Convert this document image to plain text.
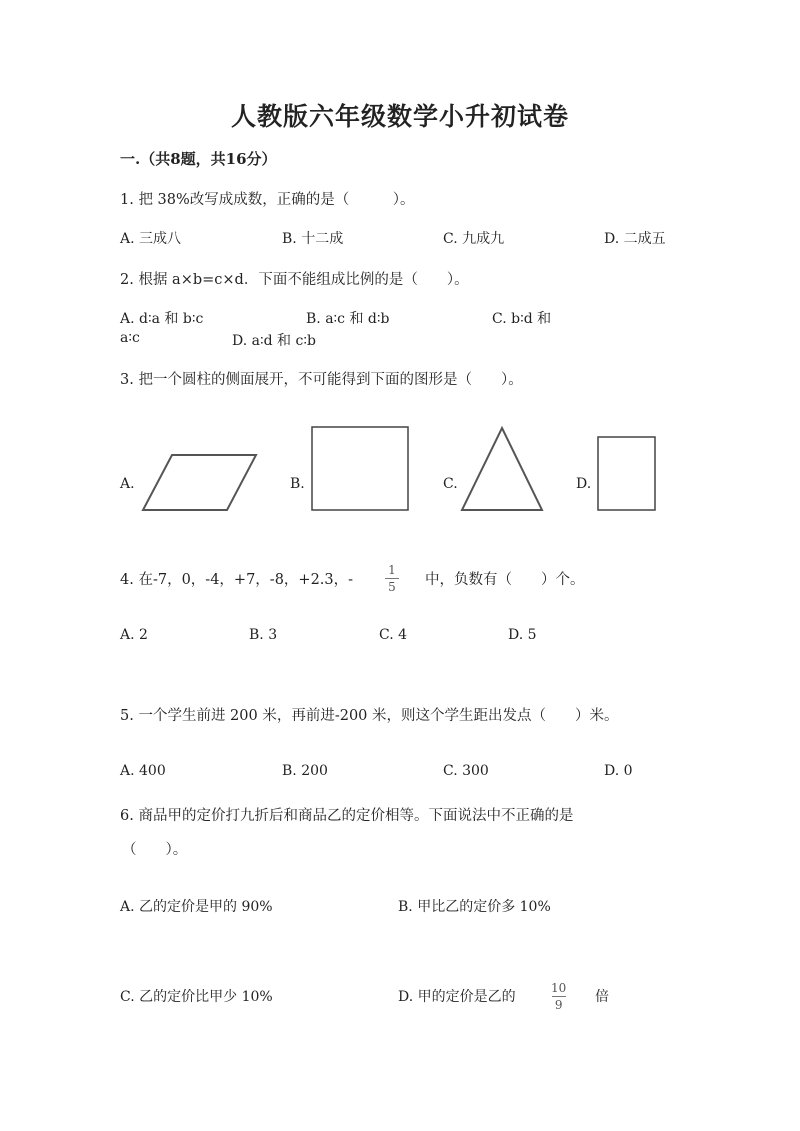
人教版六年级数学小升初试卷
一.（共8题，共16分）
1. 把 38%改写成成数，正确的是（　　　）。
A. 三成八	B. 十二成	C. 九成九	D. 二成五
2. 根据 a×b=c×d．下面不能组成比例的是（　　）。
A. d∶a 和 b∶c	B. a∶c 和 d∶b	C. b∶d 和
a∶c	D. a∶d 和 c∶b
3. 把一个圆柱的侧面展开，不可能得到下面的图形是（　　）。
A.	B.	C.	D.
4. 在-7，0，-4，+7，-8，+2.3，-
1
5 中，负数有（　　）个。
A. 2	B. 3	C. 4	D. 5
5. 一个学生前进 200 米，再前进-200 米，则这个学生距出发点（　　）米。
A. 400	B. 200	C. 300	D. 0
6. 商品甲的定价打九折后和商品乙的定价相等。下面说法中不正确的是
（　　）。
A. 乙的定价是甲的 90%	B. 甲比乙的定价多 10%
C. 乙的定价比甲少 10%	D. 甲的定价是乙的
10
9 倍
